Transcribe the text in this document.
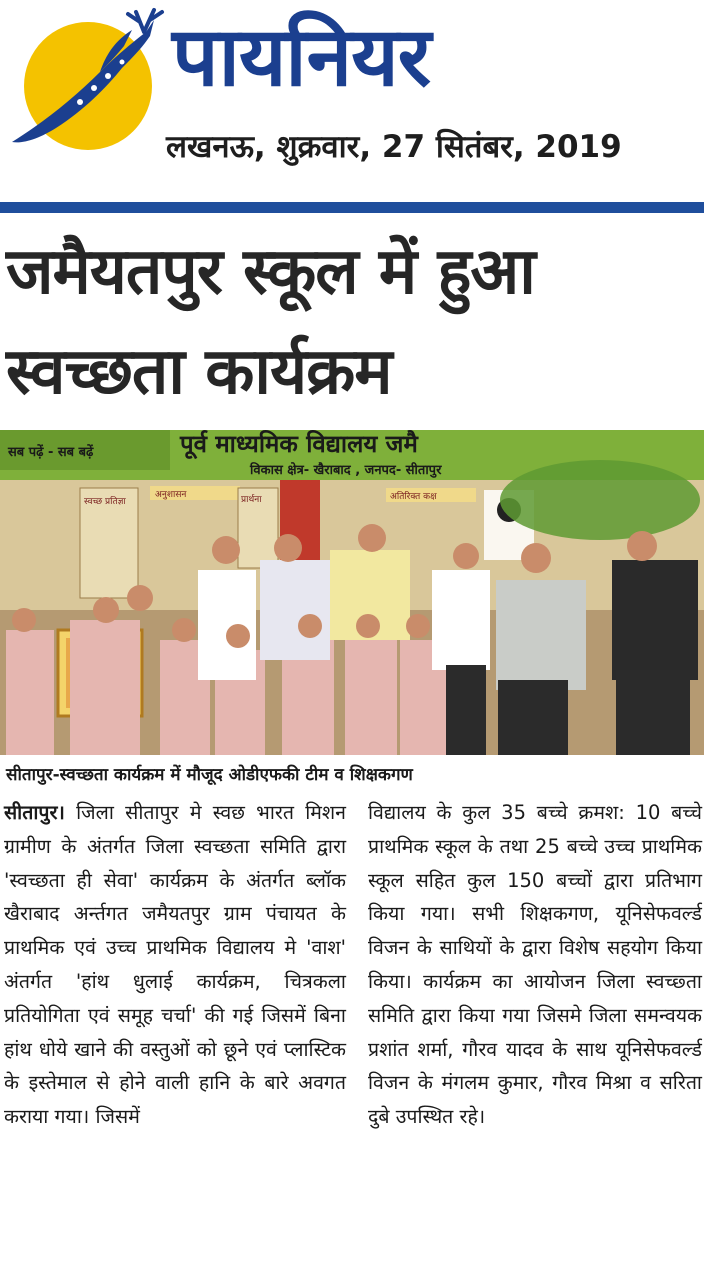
पायनियर
लखनऊ, शुक्रवार, 27 सितंबर, 2019
जमैयतपुर स्कूल में हुआ
स्वच्छता कार्यक्रम
सब पढ़ें - सब बढ़ें	पूर्व माध्यमिक विद्यालय जमै
विकास क्षेत्र- खैराबाद , जनपद- सीतापुर
स्वच्छ प्रतिज्ञा
अनुशासन	प्रार्थना	अतिरिक्त कक्ष
सीतापुर-स्वच्छता कार्यक्रम में मौजूद ओडीएफकी टीम व शिक्षकगण

सीतापुर। जिला सीतापुर मे स्वछ भारत मिशन ग्रामीण के अंतर्गत जिला स्वच्छता समिति द्वारा 'स्वच्छता ही सेवा' कार्यक्रम के अंतर्गत ब्लॉक खैराबाद अर्न्तगत जमैयतपुर ग्राम पंचायत के प्राथमिक एवं उच्च प्राथमिक विद्यालय मे 'वाश' अंतर्गत 'हांथ धुलाई कार्यक्रम, चित्रकला प्रतियोगिता एवं समूह चर्चा' की गई जिसमें बिना हांथ धोये खाने की वस्तुओं को छूने एवं प्लास्टिक के इस्तेमाल से होने वाली हानि के बारे अवगत कराया गया। जिसमें

विद्यालय के कुल 35 बच्चे क्रमश: 10 बच्चे प्राथमिक स्कूल के तथा 25 बच्चे उच्च प्राथमिक स्कूल सहित कुल 150 बच्चों द्वारा प्रतिभाग किया गया। सभी शिक्षकगण, यूनिसेफवर्ल्ड विजन के साथियों के द्वारा विशेष सहयोग किया किया। कार्यक्रम का आयोजन जिला स्वच्छ्ता समिति द्वारा किया गया जिसमे जिला समन्वयक प्रशांत शर्मा, गौरव यादव के साथ यूनिसेफवर्ल्ड विजन के मंगलम कुमार, गौरव मिश्रा व सरिता दुबे उपस्थित रहे।
